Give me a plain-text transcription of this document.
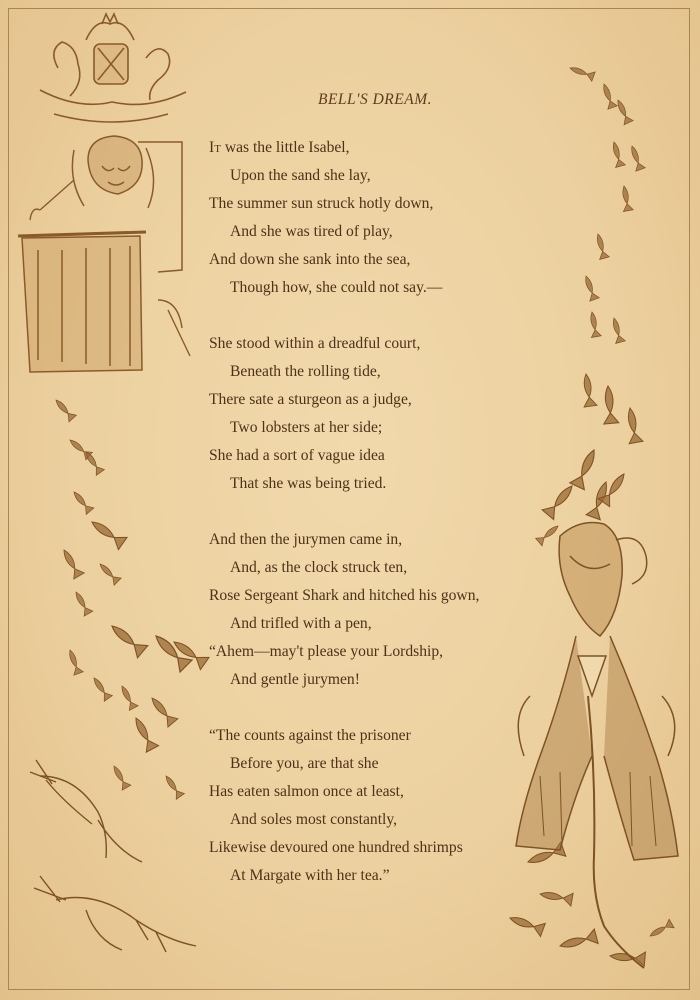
BELL'S DREAM.
It was the little Isabel,
Upon the sand she lay,
The summer sun struck hotly down,
And she was tired of play,
And down she sank into the sea,
Though how, she could not say.—
She stood within a dreadful court,
Beneath the rolling tide,
There sate a sturgeon as a judge,
Two lobsters at her side;
She had a sort of vague idea
That she was being tried.
And then the jurymen came in,
And, as the clock struck ten,
Rose Sergeant Shark and hitched his gown,
And trifled with a pen,
“Ahem—may't please your Lordship,
And gentle jurymen!
“The counts against the prisoner
Before you, are that she
Has eaten salmon once at least,
And soles most constantly,
Likewise devoured one hundred shrimps
At Margate with her tea.”
